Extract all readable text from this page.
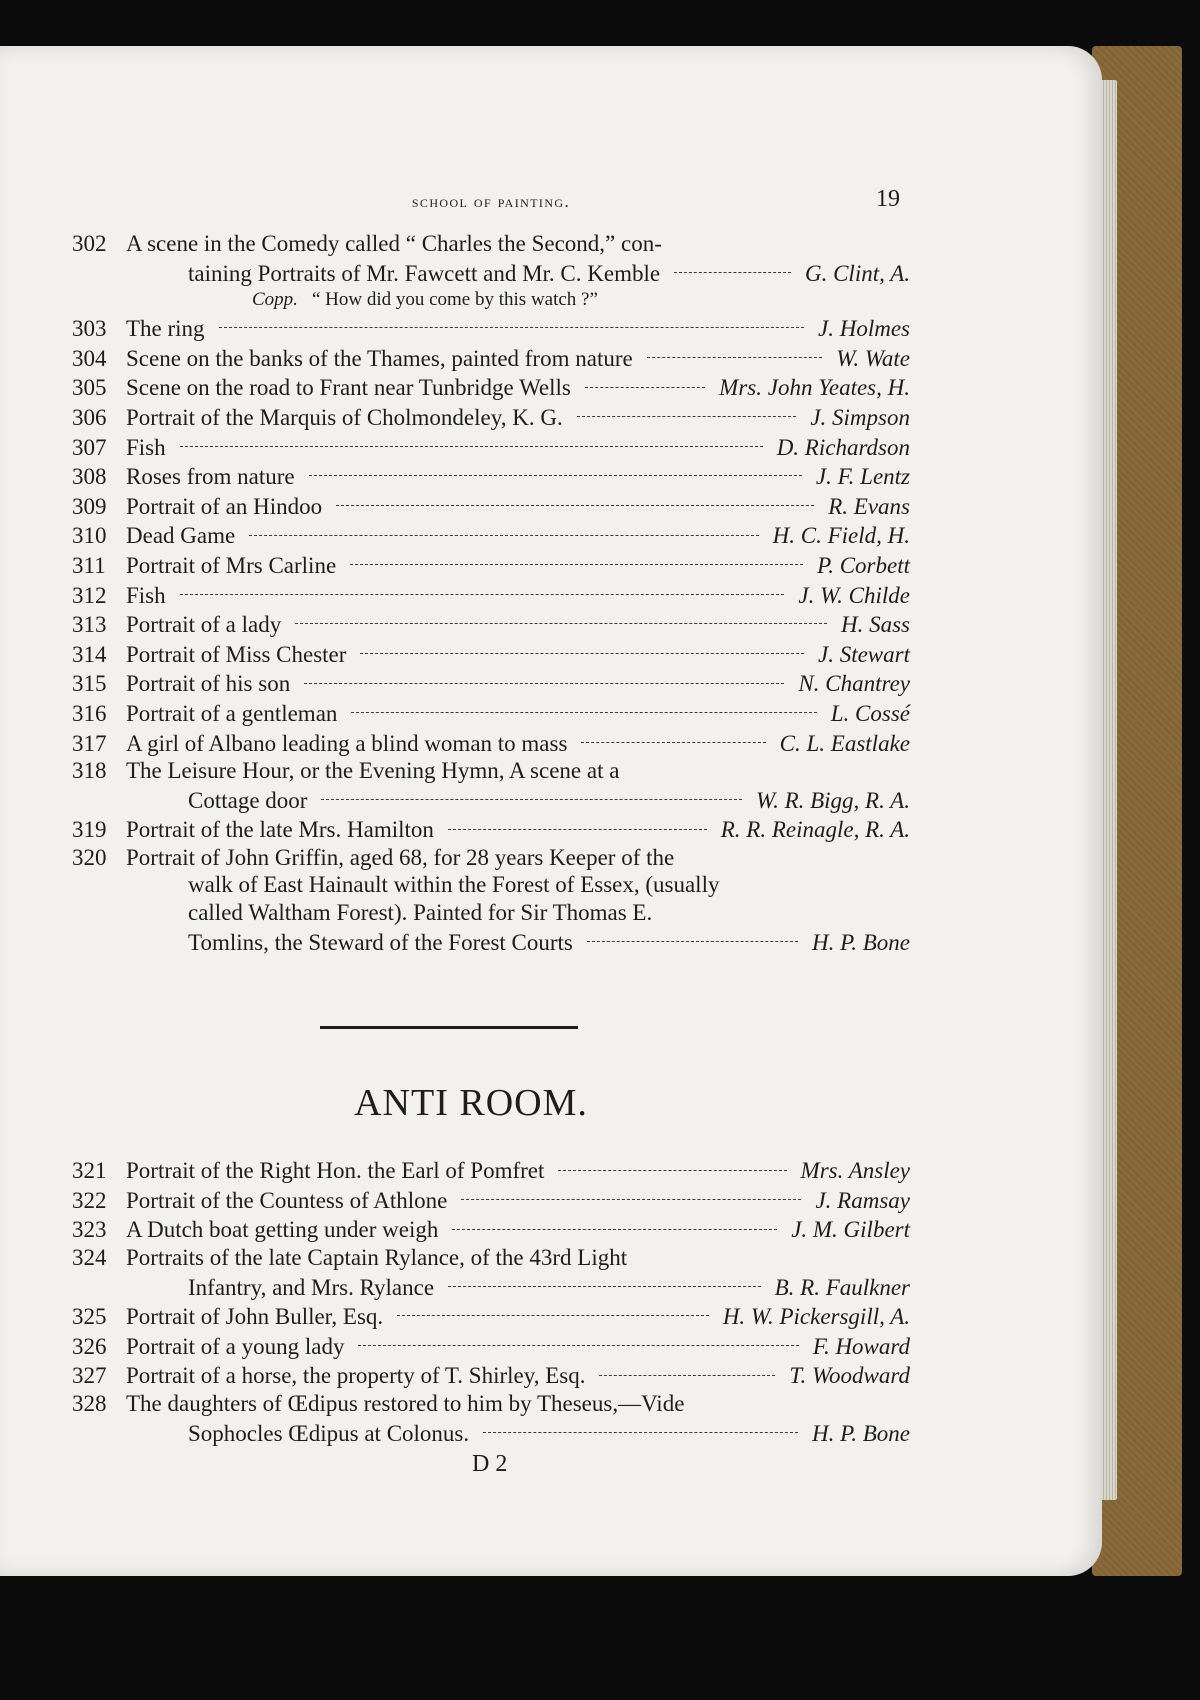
school of painting.	19
302 A scene in the Comedy called “ Charles the Second,” con-
taining Portraits of Mr. Fawcett and Mr. C. Kemble	G. Clint, A.
Copp. “ How did you come by this watch ?”
303 The ring	J. Holmes
304 Scene on the banks of the Thames, painted from nature	W. Wate
305 Scene on the road to Frant near Tunbridge Wells	Mrs. John Yeates, H.
306 Portrait of the Marquis of Cholmondeley, K. G.	J. Simpson
307 Fish	D. Richardson
308 Roses from nature	J. F. Lentz
309 Portrait of an Hindoo	R. Evans
310 Dead Game	H. C. Field, H.
311 Portrait of Mrs Carline	P. Corbett
312 Fish	J. W. Childe
313 Portrait of a lady	H. Sass
314 Portrait of Miss Chester	J. Stewart
315 Portrait of his son	N. Chantrey
316 Portrait of a gentleman	L. Cossé
317 A girl of Albano leading a blind woman to mass	C. L. Eastlake
318 The Leisure Hour, or the Evening Hymn, A scene at a
Cottage door	W. R. Bigg, R. A.
319 Portrait of the late Mrs. Hamilton	R. R. Reinagle, R. A.
320 Portrait of John Griffin, aged 68, for 28 years Keeper of the
walk of East Hainault within the Forest of Essex, (usually
called Waltham Forest). Painted for Sir Thomas E.
Tomlins, the Steward of the Forest Courts	H. P. Bone
ANTI ROOM.
321 Portrait of the Right Hon. the Earl of Pomfret	Mrs. Ansley
322 Portrait of the Countess of Athlone	J. Ramsay
323 A Dutch boat getting under weigh	J. M. Gilbert
324 Portraits of the late Captain Rylance, of the 43rd Light
Infantry, and Mrs. Rylance	B. R. Faulkner
325 Portrait of John Buller, Esq.	H. W. Pickersgill, A.
326 Portrait of a young lady	F. Howard
327 Portrait of a horse, the property of T. Shirley, Esq.	T. Woodward
328 The daughters of Œdipus restored to him by Theseus,—Vide
Sophocles Œdipus at Colonus.	H. P. Bone
D 2
